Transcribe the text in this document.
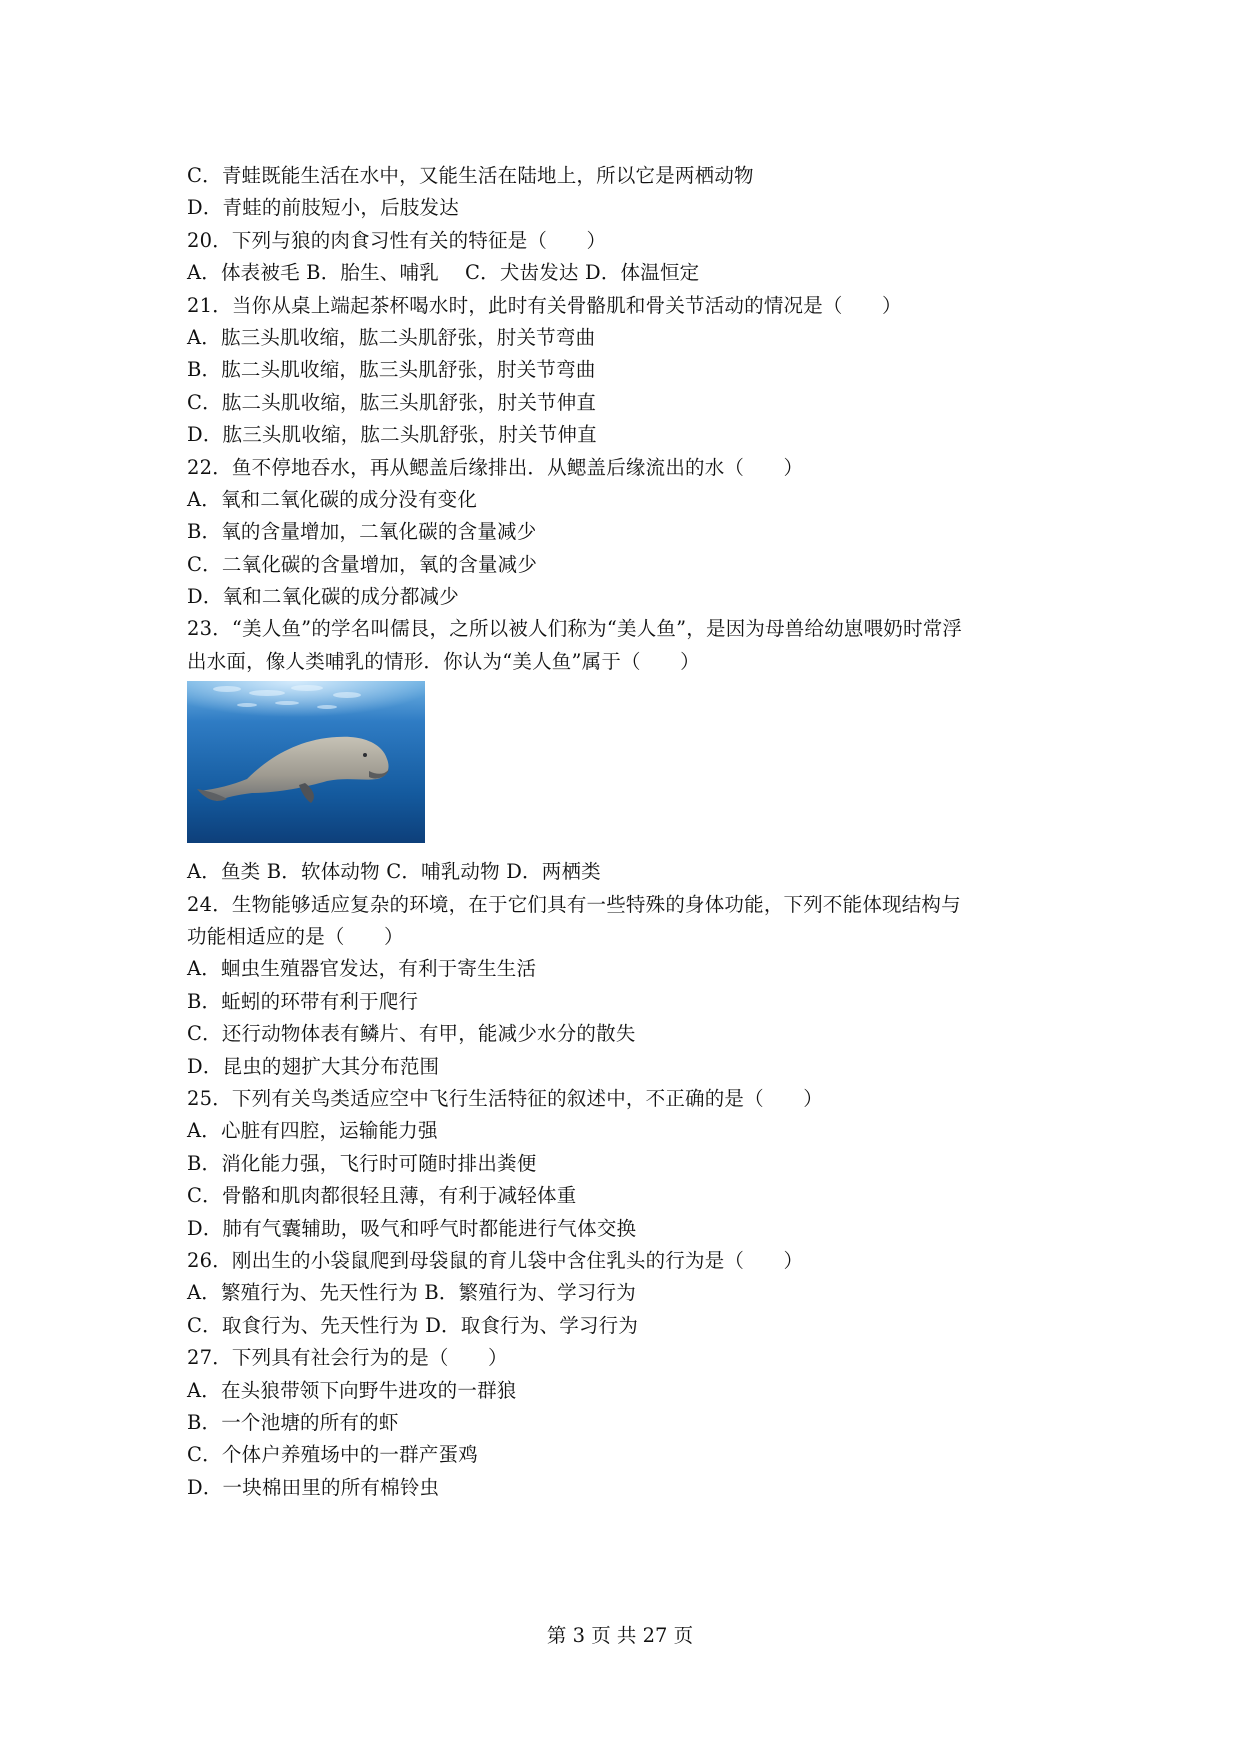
C．青蛙既能生活在水中，又能生活在陆地上，所以它是两栖动物
D．青蛙的前肢短小，后肢发达
20．下列与狼的肉食习性有关的特征是（　　）
A．体表被毛 B．胎生、哺乳　 C．犬齿发达 D．体温恒定
21．当你从桌上端起茶杯喝水时，此时有关骨骼肌和骨关节活动的情况是（　　）
A．肱三头肌收缩，肱二头肌舒张，肘关节弯曲
B．肱二头肌收缩，肱三头肌舒张，肘关节弯曲
C．肱二头肌收缩，肱三头肌舒张，肘关节伸直
D．肱三头肌收缩，肱二头肌舒张，肘关节伸直
22．鱼不停地吞水，再从鳃盖后缘排出．从鳃盖后缘流出的水（　　）
A．氧和二氧化碳的成分没有变化
B．氧的含量增加，二氧化碳的含量减少
C．二氧化碳的含量增加，氧的含量减少
D．氧和二氧化碳的成分都减少
23．“美人鱼”的学名叫儒艮，之所以被人们称为“美人鱼”，是因为母兽给幼崽喂奶时常浮
出水面，像人类哺乳的情形．你认为“美人鱼”属于（　　）
A．鱼类 B．软体动物 C．哺乳动物 D．两栖类
24．生物能够适应复杂的环境，在于它们具有一些特殊的身体功能，下列不能体现结构与
功能相适应的是（　　）
A．蛔虫生殖器官发达，有利于寄生生活
B．蚯蚓的环带有利于爬行
C．还行动物体表有鳞片、有甲，能减少水分的散失
D．昆虫的翅扩大其分布范围
25．下列有关鸟类适应空中飞行生活特征的叙述中，不正确的是（　　）
A．心脏有四腔，运输能力强
B．消化能力强，飞行时可随时排出粪便
C．骨骼和肌肉都很轻且薄，有利于减轻体重
D．肺有气囊辅助，吸气和呼气时都能进行气体交换
26．刚出生的小袋鼠爬到母袋鼠的育儿袋中含住乳头的行为是（　　）
A．繁殖行为、先天性行为 B．繁殖行为、学习行为
C．取食行为、先天性行为 D．取食行为、学习行为
27．下列具有社会行为的是（　　）
A．在头狼带领下向野牛进攻的一群狼
B．一个池塘的所有的虾
C．个体户养殖场中的一群产蛋鸡
D．一块棉田里的所有棉铃虫
第 3 页 共 27 页
